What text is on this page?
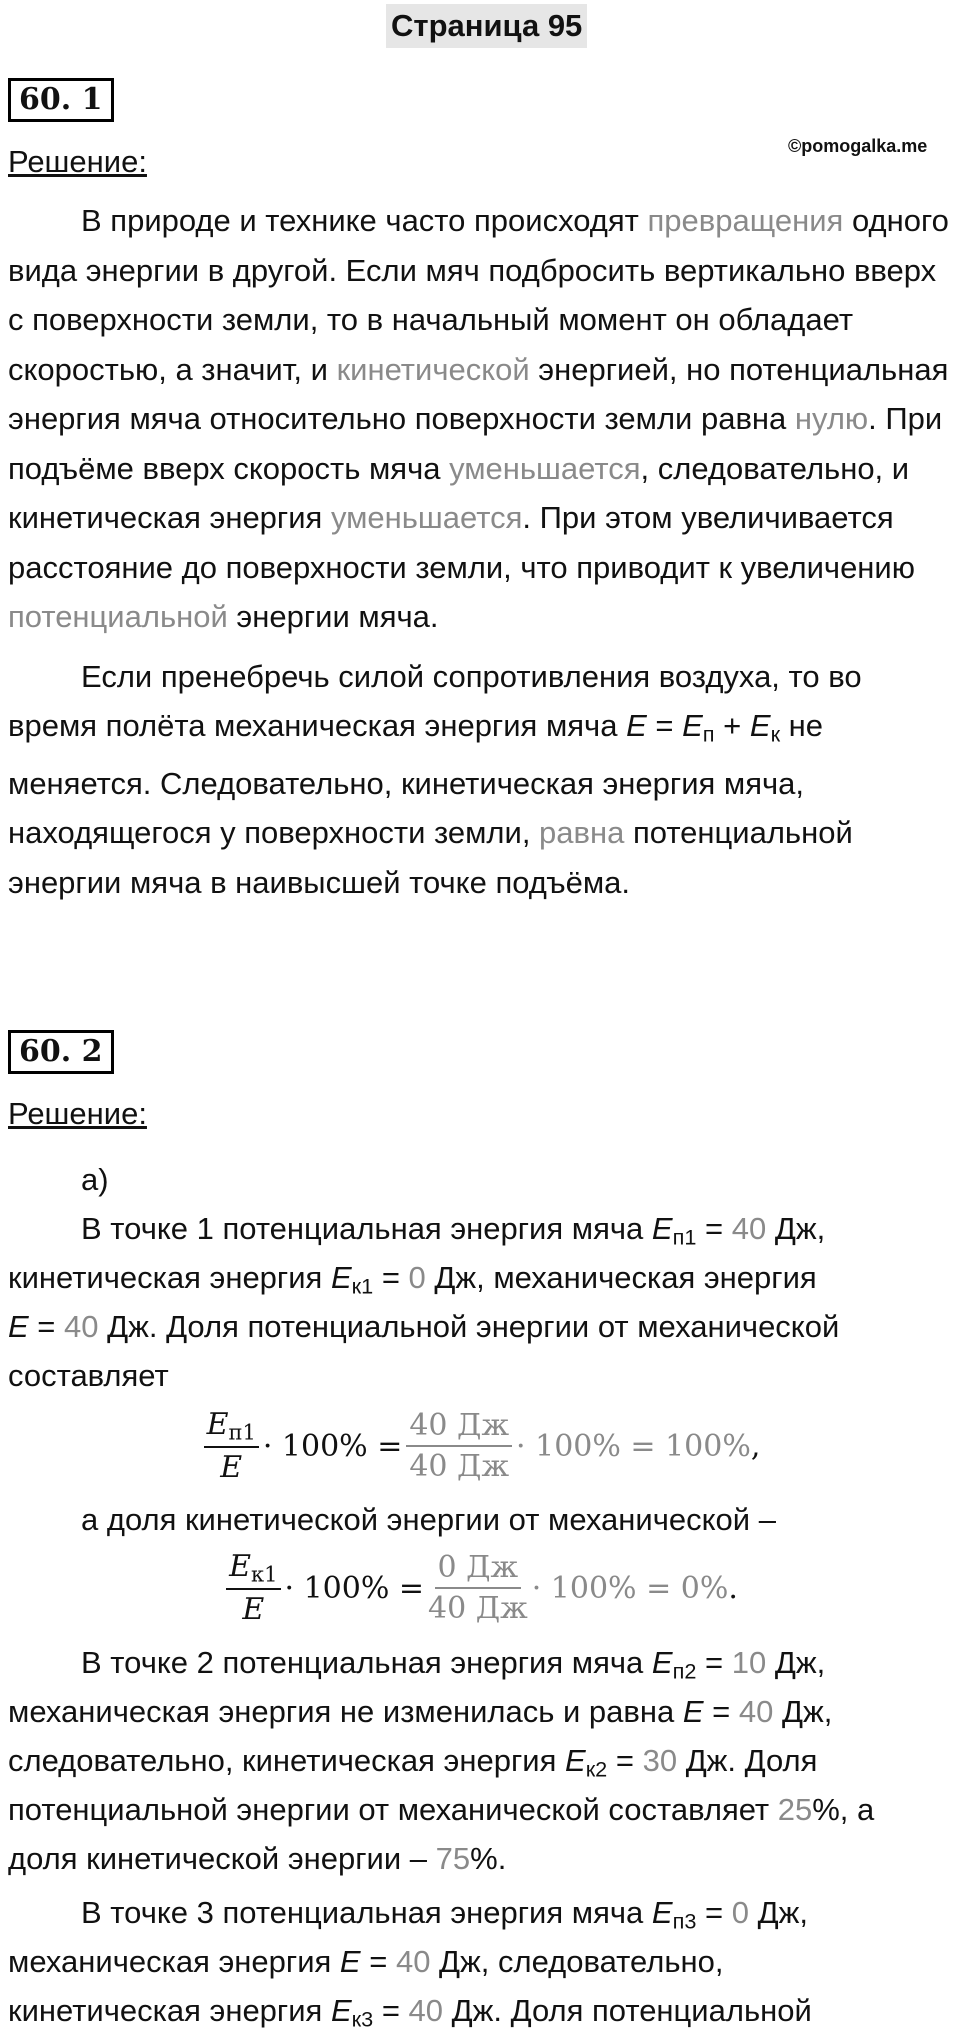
Страница 95
60. 1
Решение:	©pomogalka.me

В природе и технике часто происходят превращения одного вида энергии в другой. Если мяч подбросить вертикально вверх с поверхности земли, то в начальный момент он обладает скоростью, а значит, и кинетической энергией, но потенциальная энергия мяча относительно поверхности земли равна нулю. При подъёме вверх скорость мяча уменьшается, следовательно, и кинетическая энергия уменьшается. При этом увеличивается расстояние до поверхности земли, что приводит к увеличению потенциальной энергии мяча.

Если пренебречь силой сопротивления воздуха, то во время полёта механическая энергия мяча $E = E_п + E_к$ не меняется. Следовательно, кинетическая энергия мяча, находящегося у поверхности земли, равна потенциальной энергии мяча в наивысшей точке подъёма.

60. 2
Решение:
а)
В точке 1 потенциальная энергия мяча $E_{п1} = 40$ Дж,
кинетическая энергия $E_{к1} = 0$ Дж, механическая энергия
E = 40 Дж. Доля потенциальной энергии от механической
составляет
$\frac{E_{п1}}{E} \cdot 100\% = \frac{40 Дж}{40 Дж} \cdot 100\% = 100\%$ ,
а доля кинетической энергии от механической –
$\frac{E_{к1}}{E} \cdot 100\% = \frac{0 Дж}{40 Дж} \cdot 100\% = 0\%$ .
В точке 2 потенциальная энергия мяча $E_{п2} = 10$ Дж,
механическая энергия не изменилась и равна E = 40 Дж,
следовательно, кинетическая энергия $E_{к2} = 30$ Дж. Доля
потенциальной энергии от механической составляет 25%, а
доля кинетической энергии – 75%.
В точке 3 потенциальная энергия мяча $E_{п3} = 0$ Дж,
механическая энергия E = 40 Дж, следовательно,
кинетическая энергия $E_{к3} = 40$ Дж. Доля потенциальной
